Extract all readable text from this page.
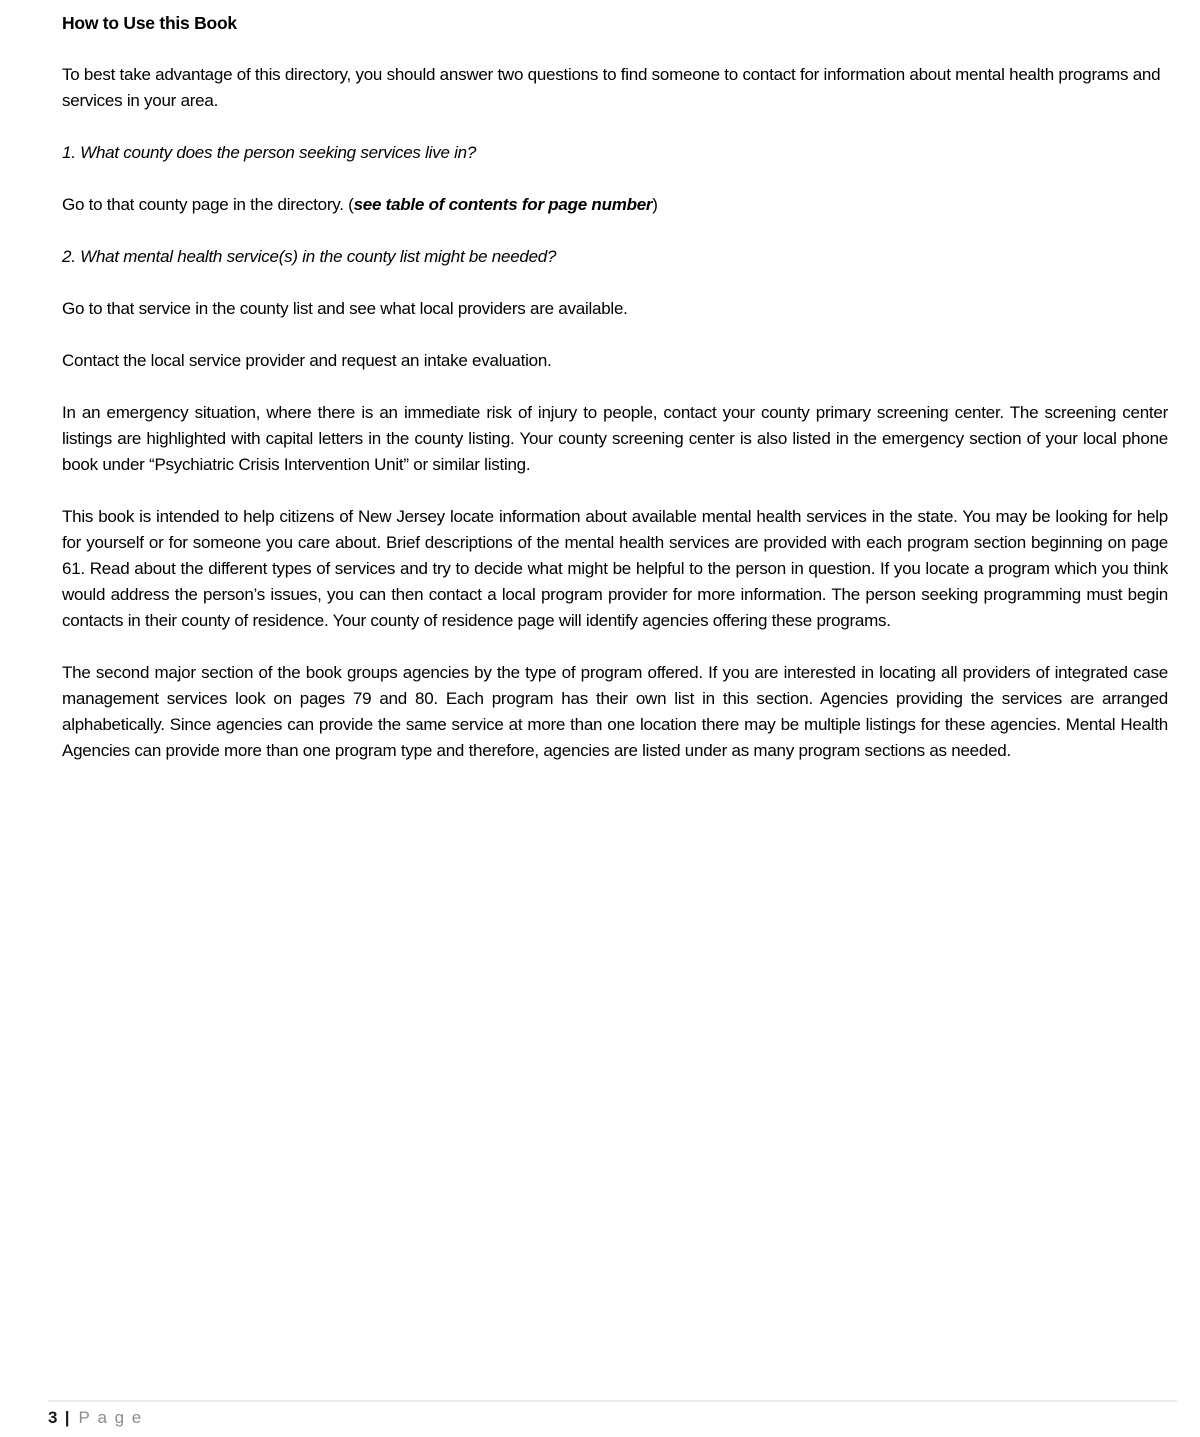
How to Use this Book

To best take advantage of this directory, you should answer two questions to find someone to contact for information about mental health programs and services in your area.

1. What county does the person seeking services live in?

Go to that county page in the directory. (see table of contents for page number)

2. What mental health service(s) in the county list might be needed?

Go to that service in the county list and see what local providers are available.

Contact the local service provider and request an intake evaluation.

In an emergency situation, where there is an immediate risk of injury to people, contact your county primary screening center. The screening center listings are highlighted with capital letters in the county listing. Your county screening center is also listed in the emergency section of your local phone book under “Psychiatric Crisis Intervention Unit” or similar listing.

This book is intended to help citizens of New Jersey locate information about available mental health services in the state. You may be looking for help for yourself or for someone you care about. Brief descriptions of the mental health services are provided with each program section beginning on page 61. Read about the different types of services and try to decide what might be helpful to the person in question. If you locate a program which you think would address the person’s issues, you can then contact a local program provider for more information. The person seeking programming must begin contacts in their county of residence. Your county of residence page will identify agencies offering these programs.

The second major section of the book groups agencies by the type of program offered. If you are interested in locating all providers of integrated case management services look on pages 79 and 80. Each program has their own list in this section. Agencies providing the services are arranged alphabetically. Since agencies can provide the same service at more than one location there may be multiple listings for these agencies. Mental Health Agencies can provide more than one program type and therefore, agencies are listed under as many program sections as needed.

3 | Page
